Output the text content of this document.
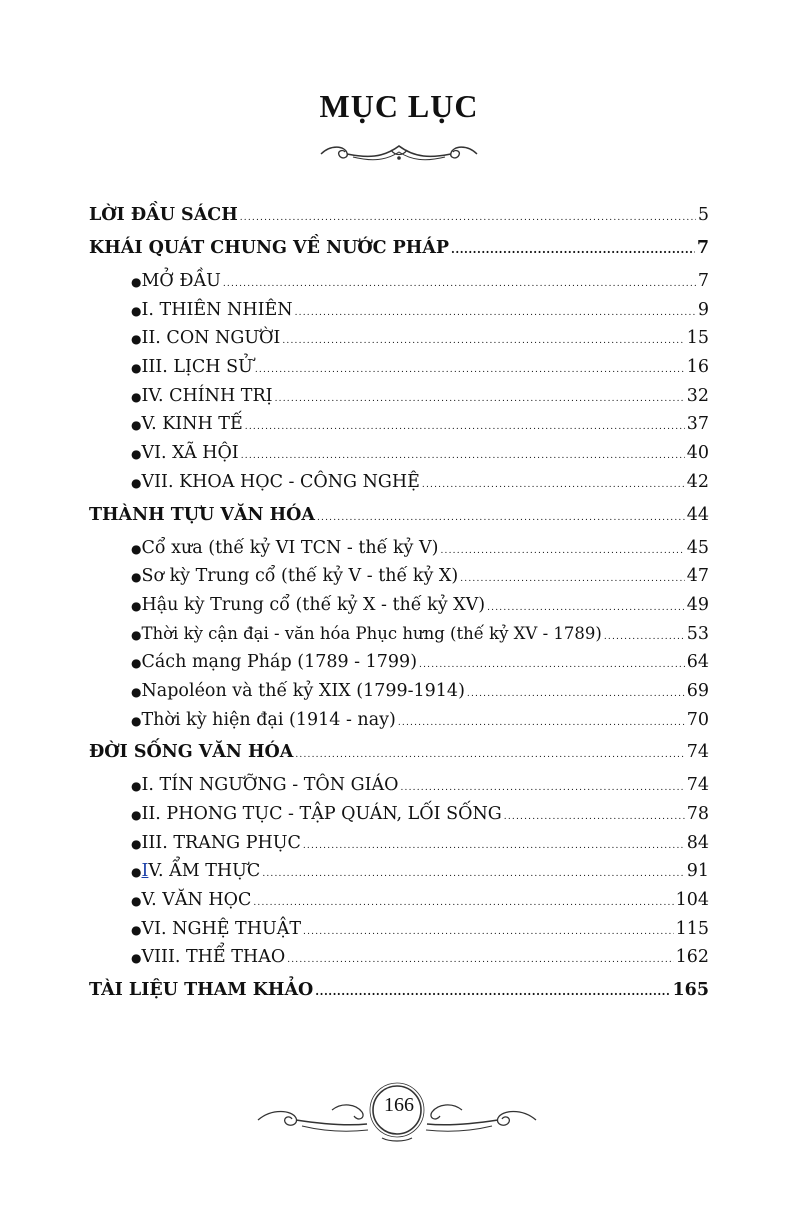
MỤC LỤC
LỜI ĐẦU SÁCH .....	5
KHÁI QUÁT CHUNG VỀ NƯỚC PHÁP .....	7
● MỞ ĐẦU .....	7
● I. THIÊN NHIÊN .....	9
● II. CON NGƯỜI .....	15
● III. LỊCH SỬ .....	16
● IV. CHÍNH TRỊ .....	32
● V. KINH TẾ .....	37
● VI. XÃ HỘI .....	40
● VII. KHOA HỌC - CÔNG NGHỆ .....	42
THÀNH TỰU VĂN HÓA .....	44
● Cổ xưa (thế kỷ VI TCN - thế kỷ V) .....	45
● Sơ kỳ Trung cổ (thế kỷ V - thế kỷ X) .....	47
● Hậu kỳ Trung cổ (thế kỷ X - thế kỷ XV) .....	49
● Thời kỳ cận đại - văn hóa Phục hưng (thế kỷ XV - 1789) .....	53
● Cách mạng Pháp (1789 - 1799) .....	64
● Napoléon và thế kỷ XIX (1799-1914) .....	69
● Thời kỳ hiện đại (1914 - nay) .....	70
ĐỜI SỐNG VĂN HÓA .....	74
● I. TÍN NGƯỠNG - TÔN GIÁO .....	74
● II. PHONG TỤC - TẬP QUÁN, LỐI SỐNG .....	78
● III. TRANG PHỤC .....	84
● IV. ẨM THỰC .....	91
● V. VĂN HỌC .....	104
● VI. NGHỆ THUẬT .....	115
● VIII. THỂ THAO .....	162
TÀI LIỆU THAM KHẢO .....	165
166
